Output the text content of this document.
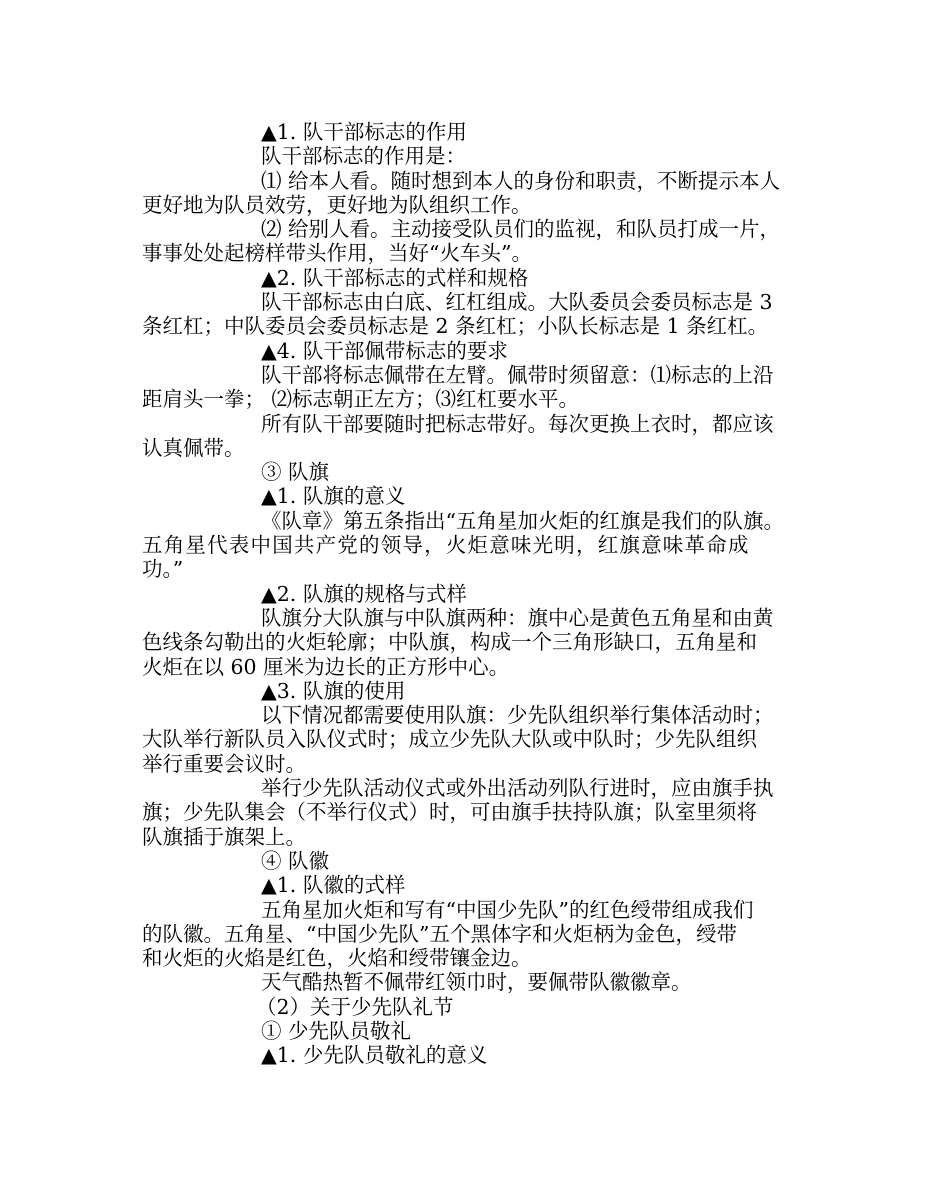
▲1. 队干部标志的作用
队干部标志的作用是：
⑴ 给本人看。随时想到本人的身份和职责，不断提示本人
更好地为队员效劳，更好地为队组织工作。
⑵ 给别人看。主动接受队员们的监视，和队员打成一片，
事事处处起榜样带头作用，当好“火车头”。
▲2. 队干部标志的式样和规格
队干部标志由白底、红杠组成。大队委员会委员标志是 3
条红杠；中队委员会委员标志是 2 条红杠；小队长标志是 1 条红杠。
▲4. 队干部佩带标志的要求
队干部将标志佩带在左臂。佩带时须留意：⑴标志的上沿
距肩头一拳； ⑵标志朝正左方；⑶红杠要水平。
所有队干部要随时把标志带好。每次更换上衣时，都应该
认真佩带。
③ 队旗
▲1. 队旗的意义
《队章》第五条指出“五角星加火炬的红旗是我们的队旗。
五角星代表中国共产党的领导，火炬意味光明，红旗意味革命成
功。”
▲2. 队旗的规格与式样
队旗分大队旗与中队旗两种：旗中心是黄色五角星和由黄
色线条勾勒出的火炬轮廓；中队旗，构成一个三角形缺口，五角星和
火炬在以 60 厘米为边长的正方形中心。
▲3. 队旗的使用
以下情况都需要使用队旗：少先队组织举行集体活动时；
大队举行新队员入队仪式时；成立少先队大队或中队时；少先队组织
举行重要会议时。
举行少先队活动仪式或外出活动列队行进时，应由旗手执
旗；少先队集会（不举行仪式）时，可由旗手扶持队旗；队室里须将
队旗插于旗架上。
④ 队徽
▲1. 队徽的式样
五角星加火炬和写有“中国少先队”的红色绶带组成我们
的队徽。五角星、“中国少先队”五个黑体字和火炬柄为金色，绶带
和火炬的火焰是红色，火焰和绶带镶金边。
天气酷热暂不佩带红领巾时，要佩带队徽徽章。
（2）关于少先队礼节
① 少先队员敬礼
▲1. 少先队员敬礼的意义
